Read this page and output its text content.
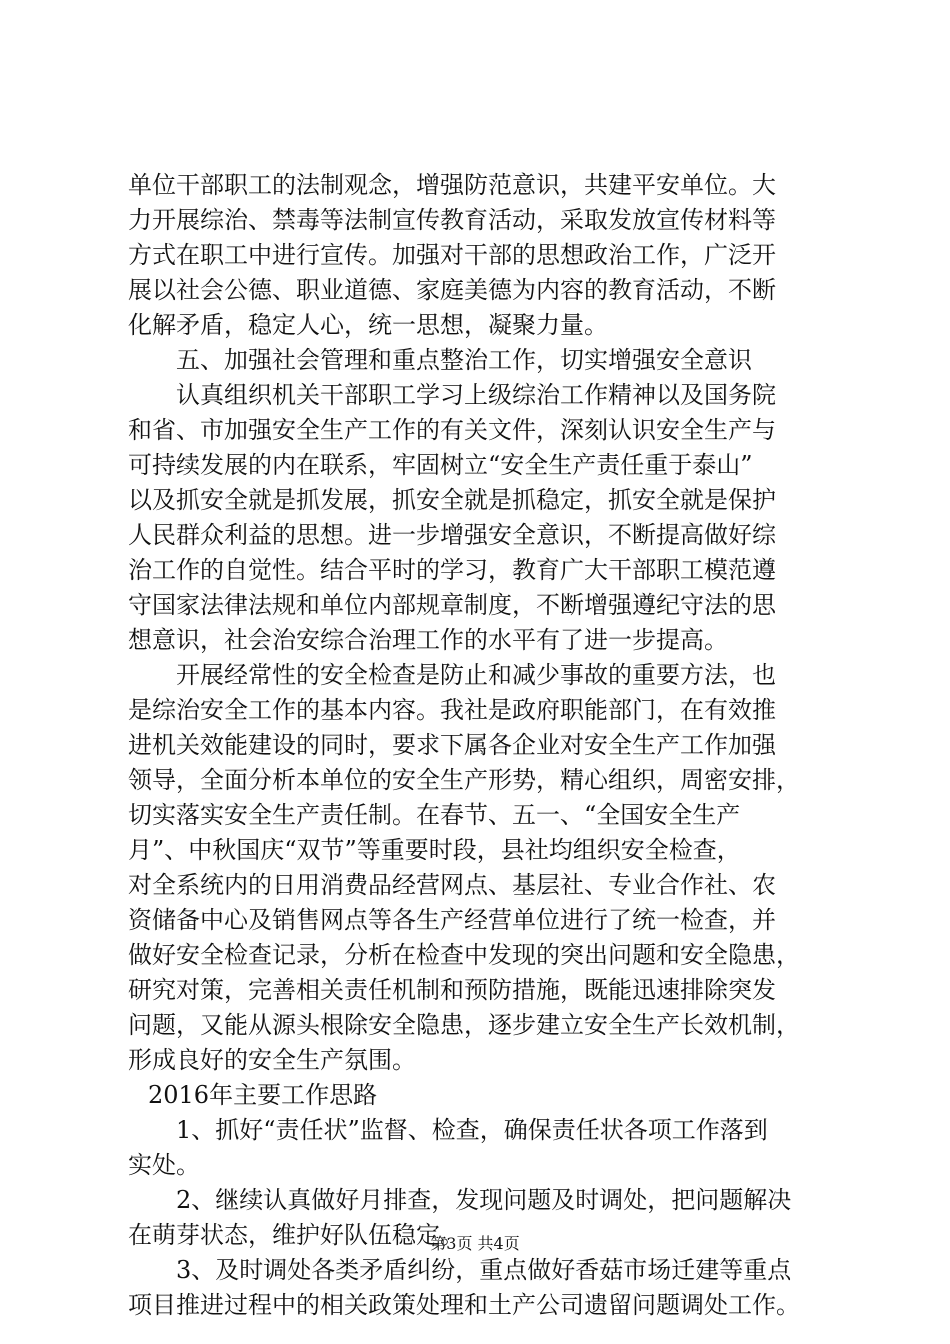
单位干部职工的法制观念，增强防范意识，共建平安单位。大
力开展综治、禁毒等法制宣传教育活动，采取发放宣传材料等
方式在职工中进行宣传。加强对干部的思想政治工作，广泛开
展以社会公德、职业道德、家庭美德为内容的教育活动，不断
化解矛盾，稳定人心，统一思想，凝聚力量。
五、加强社会管理和重点整治工作，切实增强安全意识
认真组织机关干部职工学习上级综治工作精神以及国务院
和省、市加强安全生产工作的有关文件，深刻认识安全生产与
可持续发展的内在联系，牢固树立“安全生产责任重于泰山”
以及抓安全就是抓发展，抓安全就是抓稳定，抓安全就是保护
人民群众利益的思想。进一步增强安全意识，不断提高做好综
治工作的自觉性。结合平时的学习，教育广大干部职工模范遵
守国家法律法规和单位内部规章制度，不断增强遵纪守法的思
想意识，社会治安综合治理工作的水平有了进一步提高。
开展经常性的安全检查是防止和减少事故的重要方法，也
是综治安全工作的基本内容。我社是政府职能部门，在有效推
进机关效能建设的同时，要求下属各企业对安全生产工作加强
领导，全面分析本单位的安全生产形势，精心组织，周密安排，
切实落实安全生产责任制。在春节、五一、“全国安全生产
月”、中秋国庆“双节”等重要时段，县社均组织安全检查，
对全系统内的日用消费品经营网点、基层社、专业合作社、农
资储备中心及销售网点等各生产经营单位进行了统一检查，并
做好安全检查记录，分析在检查中发现的突出问题和安全隐患，
研究对策，完善相关责任机制和预防措施，既能迅速排除突发
问题，又能从源头根除安全隐患，逐步建立安全生产长效机制，
形成良好的安全生产氛围。
2016年主要工作思路
1、抓好“责任状”监督、检查，确保责任状各项工作落到
实处。
2、继续认真做好月排查，发现问题及时调处，把问题解决
在萌芽状态，维护好队伍稳定。
3、及时调处各类矛盾纠纷，重点做好香菇市场迁建等重点
项目推进过程中的相关政策处理和土产公司遗留问题调处工作。
第3页 共4页
